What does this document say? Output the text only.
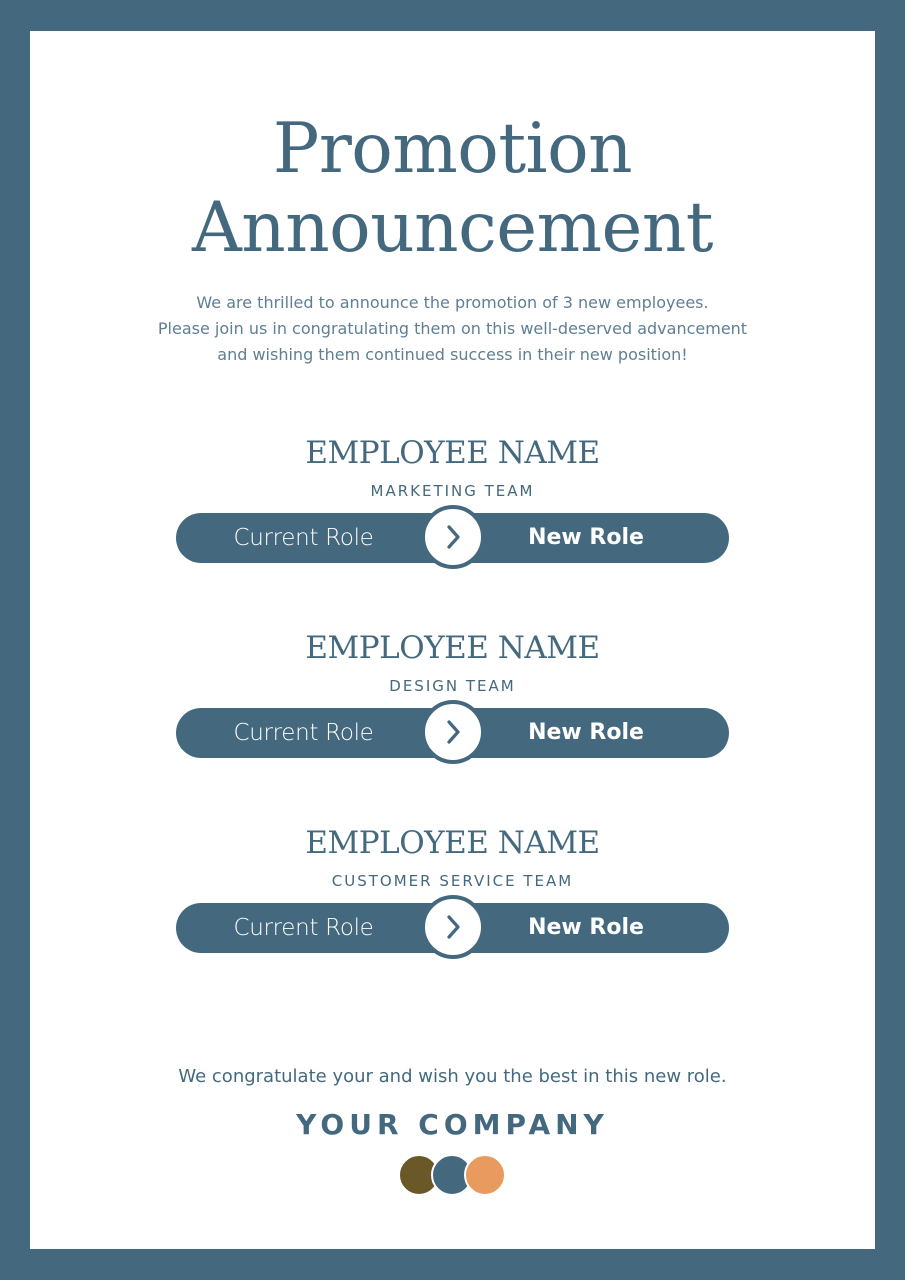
Promotion
Announcement
We are thrilled to announce the promotion of 3 new employees.
Please join us in congratulating them on this well-deserved advancement
and wishing them continued success in their new position!
EMPLOYEE NAME
MARKETING TEAM
Current Role	New Role
EMPLOYEE NAME
DESIGN TEAM
Current Role	New Role
EMPLOYEE NAME
CUSTOMER SERVICE TEAM
Current Role	New Role
We congratulate your and wish you the best in this new role.
YOUR COMPANY
